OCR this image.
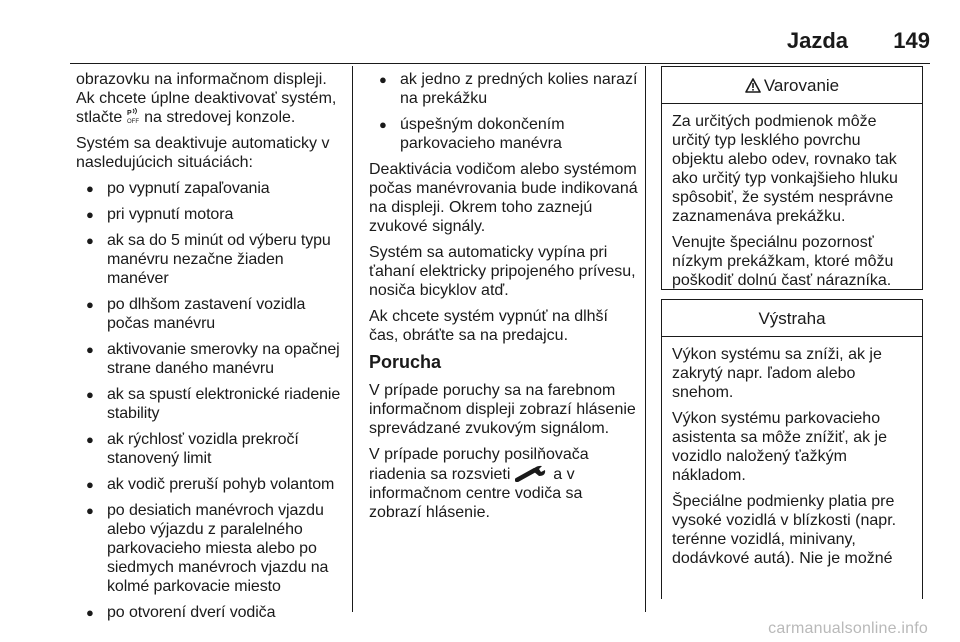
Jazda 149

obrazovku na informačnom displeji. Ak chcete úplne deaktivovať systém, stlačte P
OFF na stredovej konzole.

Systém sa deaktivuje automaticky v nasledujúcich situáciách:

● po vypnutí zapaľovania
● pri vypnutí motora
● ak sa do 5 minút od výberu typu manévru nezačne žiaden manéver
● po dlhšom zastavení vozidla počas manévru
● aktivovanie smerovky na opačnej strane daného manévru
● ak sa spustí elektronické riadenie stability
● ak rýchlosť vozidla prekročí stanovený limit
● ak vodič preruší pohyb volantom
● po desiatich manévroch vjazdu alebo výjazdu z paralelného parkovacieho miesta alebo po siedmych manévroch vjazdu na kolmé parkovacie miesto
● po otvorení dverí vodiča
● ak jedno z predných kolies narazí na prekážku
● úspešným dokončením parkovacieho manévra

Deaktivácia vodičom alebo systémom počas manévrovania bude indikovaná na displeji. Okrem toho zaznejú zvukové signály.

Systém sa automaticky vypína pri ťahaní elektricky pripojeného prívesu, nosiča bicyklov atď.

Ak chcete systém vypnúť na dlhší čas, obráťte sa na predajcu.

Porucha

V prípade poruchy sa na farebnom informačnom displeji zobrazí hlásenie sprevádzané zvukovým signálom.

V prípade poruchy posilňovača riadenia sa rozsvieti  a v informačnom centre vodiča sa zobrazí hlásenie.

Varovanie

Za určitých podmienok môže určitý typ lesklého povrchu objektu alebo odev, rovnako tak ako určitý typ vonkajšieho hluku spôsobiť, že systém nesprávne zaznamenáva prekážku.

Venujte špeciálnu pozornosť nízkym prekážkam, ktoré môžu poškodiť dolnú časť nárazníka.

Výstraha

Výkon systému sa zníži, ak je zakrytý napr. ľadom alebo snehom.

Výkon systému parkovacieho asistenta sa môže znížiť, ak je vozidlo naložený ťažkým nákladom.

Špeciálne podmienky platia pre vysoké vozidlá v blízkosti (napr. terénne vozidlá, minivany, dodávkové autá). Nie je možné

carmanualsonline.info
